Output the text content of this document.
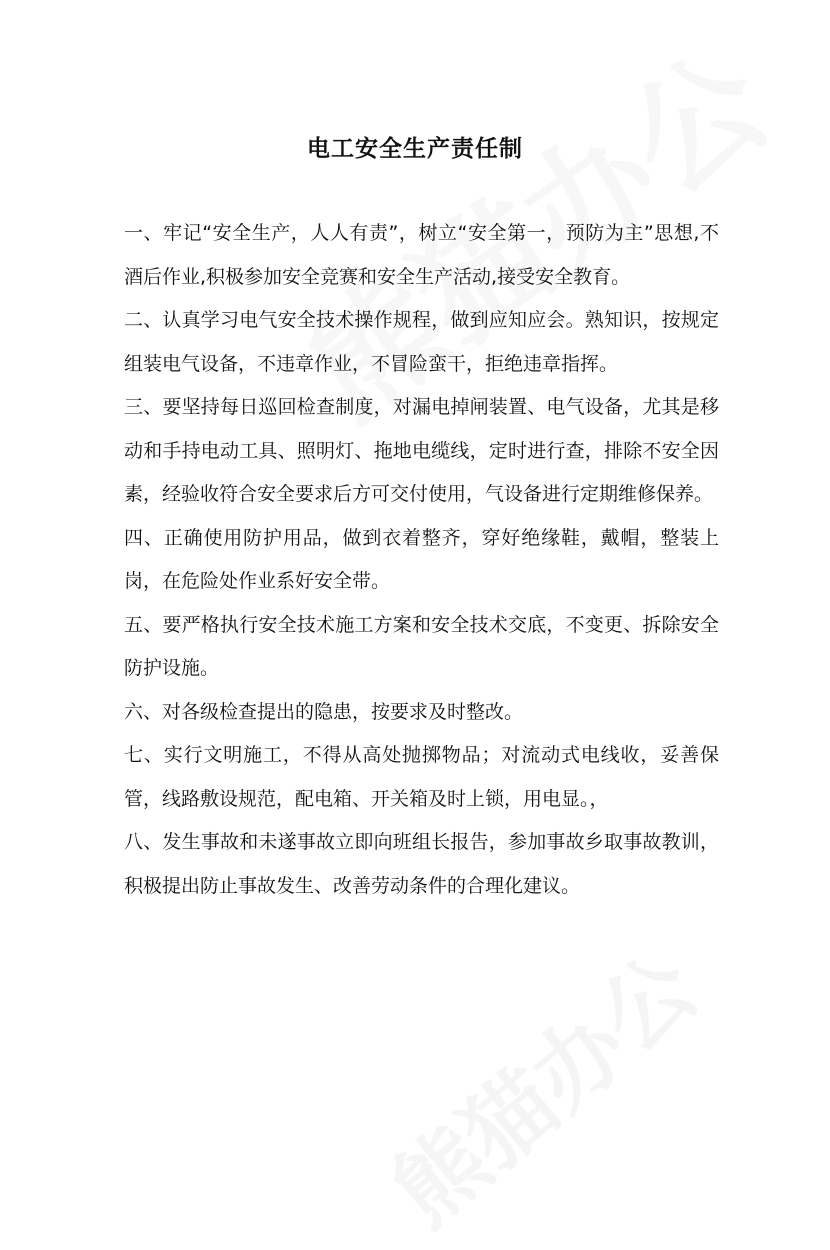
电工安全生产责任制

一、牢记“安全生产，人人有责”，树立“安全第一，预防为主”思想,不酒后作业,积极参加安全竞赛和安全生产活动,接受安全教育。

二、认真学习电气安全技术操作规程，做到应知应会。熟知识，按规定组装电气设备，不违章作业，不冒险蛮干，拒绝违章指挥。

三、要坚持每日巡回检查制度，对漏电掉闸装置、电气设备，尤其是移动和手持电动工具、照明灯、拖地电缆线，定时进行查，排除不安全因素，经验收符合安全要求后方可交付使用，气设备进行定期维修保养。

四、正确使用防护用品，做到衣着整齐，穿好绝缘鞋，戴帽，整装上岗，在危险处作业系好安全带。

五、要严格执行安全技术施工方案和安全技术交底，不变更、拆除安全防护设施。

六、对各级检查提出的隐患，按要求及时整改。

七、实行文明施工，不得从高处抛掷物品；对流动式电线收，妥善保管，线路敷设规范，配电箱、开关箱及时上锁，用电显。，

八、发生事故和未遂事故立即向班组长报告，参加事故乡取事故教训，积极提出防止事故发生、改善劳动条件的合理化建议。
